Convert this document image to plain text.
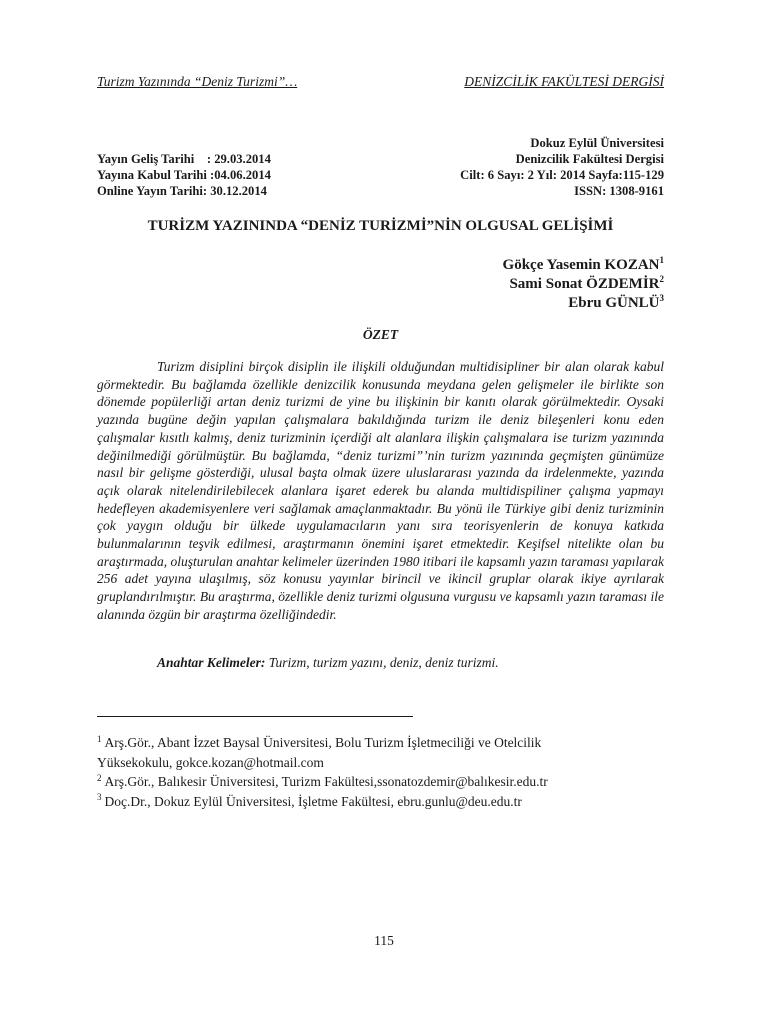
Turizm Yazınında “Deniz Turizmi”…	DENİZCİLİK FAKÜLTESİ DERGİSİ
Yayın Geliş Tarihi    : 29.03.2014
Yayına Kabul Tarihi :04.06.2014
Online Yayın Tarihi: 30.12.2014
Dokuz Eylül Üniversitesi
Denizcilik Fakültesi Dergisi
Cilt: 6 Sayı: 2 Yıl: 2014 Sayfa:115-129
ISSN: 1308-9161
TURİZM YAZININDA “DENİZ TURİZMİ”NİN OLGUSAL GELİŞİMİ
Gökçe Yasemin KOZAN$^1$
Sami Sonat ÖZDEMİR$^2$
Ebru GÜNLÜ$^3$
ÖZET

Turizm disiplini birçok disiplin ile ilişkili olduğundan multidisipliner bir alan olarak kabul görmektedir. Bu bağlamda özellikle denizcilik konusunda meydana gelen gelişmeler ile birlikte son dönemde popülerliği artan deniz turizmi de yine bu ilişkinin bir kanıtı olarak görülmektedir. Oysaki yazında bugüne değin yapılan çalışmalara bakıldığında turizm ile deniz bileşenleri konu eden çalışmalar kısıtlı kalmış, deniz turizminin içerdiği alt alanlara ilişkin çalışmalara ise turizm yazınında değinilmediği görülmüştür. Bu bağlamda, “deniz turizmi”’nin turizm yazınında geçmişten günümüze nasıl bir gelişme gösterdiği, ulusal başta olmak üzere uluslararası yazında da irdelenmekte, yazında açık olarak nitelendirilebilecek alanlara işaret ederek bu alanda multidispiliner çalışma yapmayı hedefleyen akademisyenlere veri sağlamak amaçlanmaktadır. Bu yönü ile Türkiye gibi deniz turizminin çok yaygın olduğu bir ülkede uygulamacıların yanı sıra teorisyenlerin de konuya katkıda bulunmalarının teşvik edilmesi, araştırmanın önemini işaret etmektedir. Keşifsel nitelikte olan bu araştırmada, oluşturulan anahtar kelimeler üzerinden 1980 itibari ile kapsamlı yazın taraması yapılarak 256 adet yayına ulaşılmış, söz konusu yayınlar birincil ve ikincil gruplar olarak ikiye ayrılarak gruplandırılmıştır. Bu araştırma, özellikle deniz turizmi olgusuna vurgusu ve kapsamlı yazın taraması ile alanında özgün bir araştırma özelliğindedir.

Anahtar Kelimeler: Turizm, turizm yazını, deniz, deniz turizmi.

$^1$ Arş.Gör., Abant İzzet Baysal Üniversitesi, Bolu Turizm İşletmeciliği ve Otelcilik

Yüksekokulu, gokce.kozan@hotmail.com

$^2$ Arş.Gör., Balıkesir Üniversitesi, Turizm Fakültesi,ssonatozdemir@balıkesir.edu.tr

$^3$ Doç.Dr., Dokuz Eylül Üniversitesi, İşletme Fakültesi, ebru.gunlu@deu.edu.tr

115
